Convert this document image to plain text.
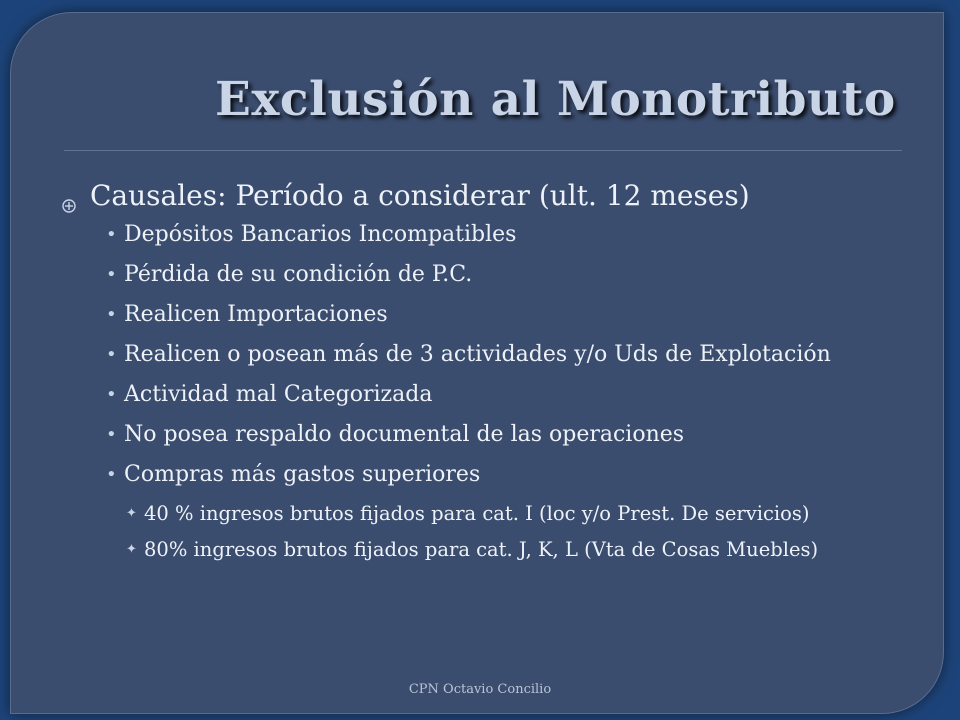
Exclusión al Monotributo
Causales: Período a considerar (ult. 12 meses)
• Depósitos Bancarios Incompatibles
• Pérdida de su condición de P.C.
• Realicen Importaciones
• Realicen o posean más de 3 actividades y/o Uds de Explotación
• Actividad mal Categorizada
• No posea respaldo documental de las operaciones
• Compras más gastos superiores
✦ 40 % ingresos brutos fijados para cat. I (loc y/o Prest. De servicios)
✦ 80% ingresos brutos fijados para cat. J, K, L (Vta de Cosas Muebles)
CPN Octavio Concilio
